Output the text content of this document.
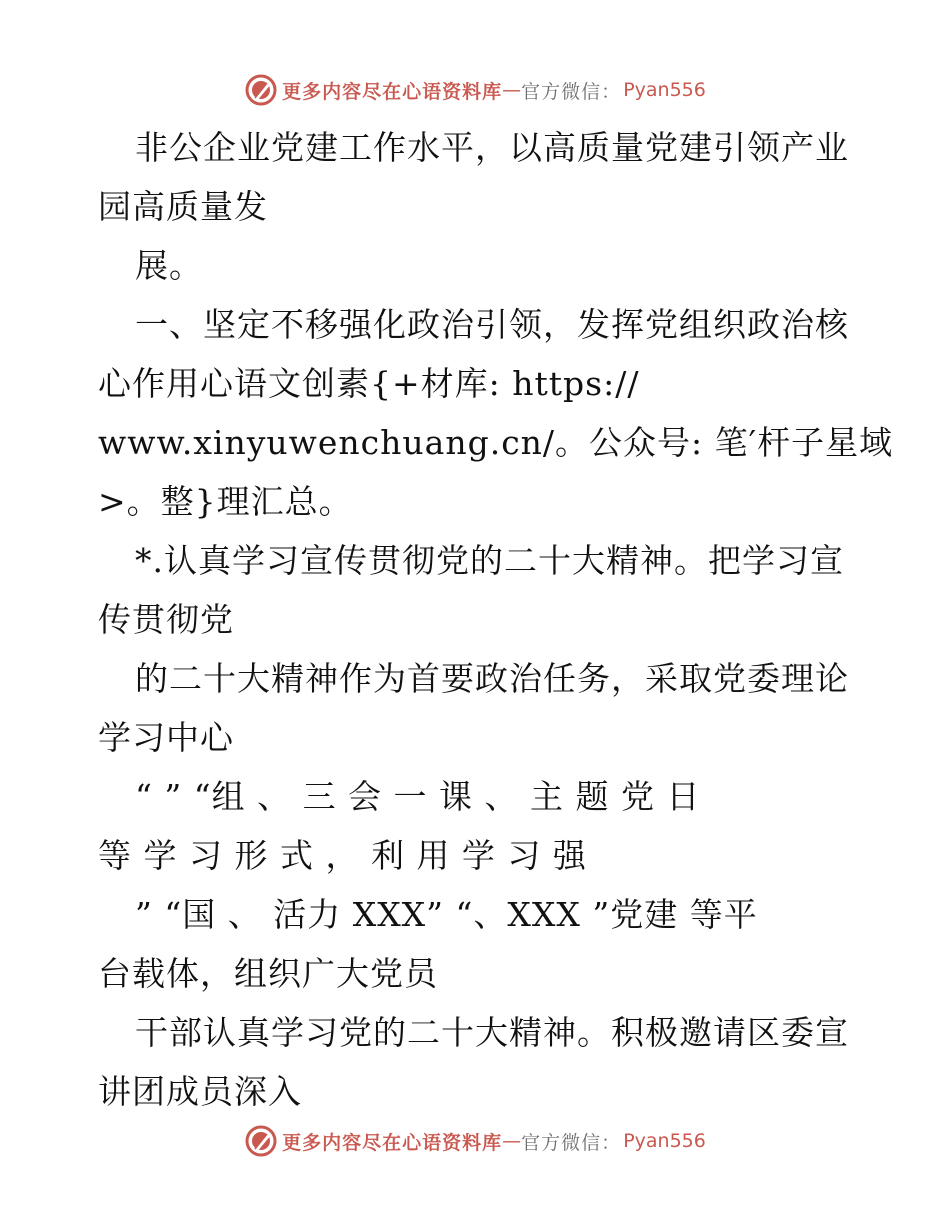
更多内容尽在心语资料库 — 官方微信： Pyan556
非公企业党建工作水平，以高质量党建引领产业
园高质量发
展。
一、坚定不移强化政治引领，发挥党组织政治核
心作用心语文创素{+材库: https://
www.xinyuwenchuang.cn/。公众号: 笔′杆子星域
>。整}理汇总。
*.认真学习宣传贯彻党的二十大精神。把学习宣
传贯彻党
的二十大精神作为首要政治任务，采取党委理论
学习中心
“ ” “组 、 三 会 一 课 、 主 题 党 日
等 学 习 形 式 ， 利 用 学 习 强
” “国 、 活力 XXX” “、XXX ”党建 等平
台载体，组织广大党员
干部认真学习党的二十大精神。积极邀请区委宣
讲团成员深入
更多内容尽在心语资料库 — 官方微信： Pyan556
